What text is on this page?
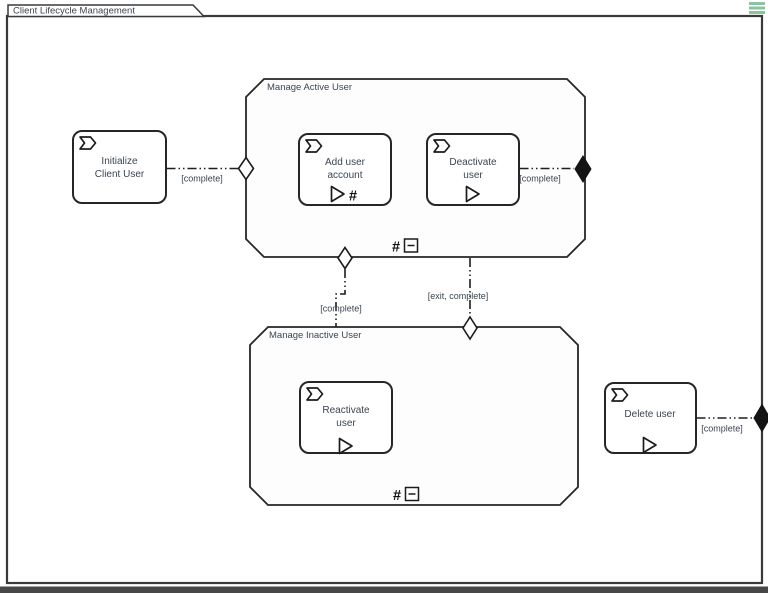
Client Lifecycle Management
Manage Active User
#
Manage Inactive User
#
Initialize
Client User
Add user
account
#
Deactivate
user
Reactivate
user
Delete user
[complete]	[complete]
[complete]
[exit, complete]
[complete]
